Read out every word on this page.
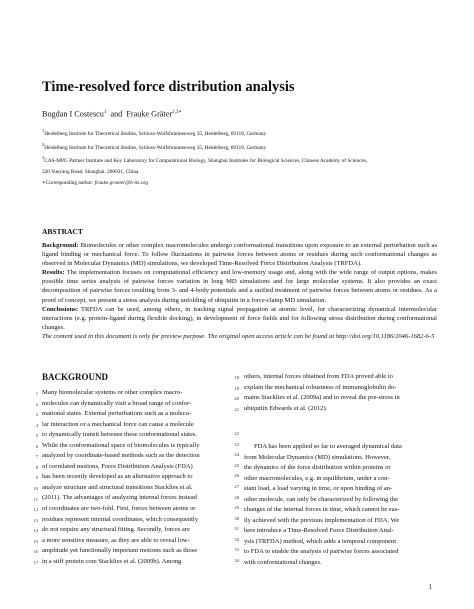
Time-resolved force distribution analysis
Bogdan I Costescu$^1$ and Frauke Gräter$^{2,3∗}$
$^1$Heidelberg Institute for Theoretical Studies, Schloss-Wolfsbrunnenweg 35, Heidelberg, 69118, Germany
$^2$Heidelberg Institute for Theoretical Studies, Schloss-Wolfsbrunnenweg 35, Heidelberg, 69118, Germany
$^3$CAS-MPG Partner Institute and Key Laboratory for Computational Biology, Shanghai Institutes for Biological Sciences, Chinese Academy of Sciences,
320 Yueyang Road, Shanghai, 200031, China
∗Corresponding author: frauke.graeter@h-its.org
ABSTRACT

Background: Biomolecules or other complex macromolecules undergo conformational transitions upon exposure to an external perturbation such as ligand binding or mechanical force. To follow fluctuations in pairwise forces between atoms or residues during such conformational changes as observed in Molecular Dynamics (MD) simulations, we developed Time-Resolved Force Distribution Analysis (TRFDA).

Results: The implementation focuses on computational efficiency and low-memory usage and, along with the wide range of output options, makes possible time series analysis of pairwise forces variation in long MD simulations and for large molecular systems. It also provides an exact decomposition of pairwise forces resulting from 3- and 4-body potentials and a unified treatment of pairwise forces between atoms or residues. As a proof of concept, we present a stress analysis during unfolding of ubiquitin in a force-clamp MD simulation.

Conclusions: TRFDA can be used, among others, in tracking signal propagation at atomic level, for characterizing dynamical intermolecular interactions (e.g. protein-ligand during flexible docking), in development of force fields and for following stress distribution during conformational changes.

The content used in this document is only for preview purpose. The original open access article can be found at http://doi.org/10.1186/2046-1682-6-5

BACKGROUND
1 Many biomolecular systems or other complex macro-
2 molecules can dynamically visit a broad range of confor-
3 mational states. External perturbations such as a molecu-
4 lar interaction or a mechanical force can cause a molecule
5 to dynamically transit between these conformational states.
6 While the conformational space of biomolecules is typically
7 analyzed by coordinate-based methods such as the detection
8 of correlated motions, Force Distribution Analysis (FDA)
9 has been recently developed as an alternative approach to
10 analyze structure and structural transitions Stacklies et al.
11 (2011). The advantages of analyzing internal forces instead
12 of coordinates are two-fold. First, forces between atoms or
13 residues represent internal coordinates, which consequently
14 do not require any structural fitting. Secondly, forces are
15 a more sensitive measure, as they are able to reveal low-
16 amplitude yet functionally important motions such as those
17 in a stiff protein core Stacklies et al. (2009b). Among
22
23
24
25
26
27
28
29
30
31
32
33
34
18 others, internal forces obtained from FDA proved able to
19 explain the mechanical robustness of immunoglobulin do-
20 mains Stacklies et al. (2009a) and to reveal the pre-stress in
21 ubiquitin Edwards et al. (2012).
FDA has been applied so far to averaged dynamical data
from Molecular Dynamics (MD) simulations. However,
the dynamics of the force distribution within proteins or
other macromolecules, e.g. in equilibrium, under a con-
stant load, a load varying in time, or upon binding of an-
other molecule, can only be characterized by following the
changes of the internal forces in time, which cannot be eas-
ily achieved with the previous implementation of FDA. We
here introduce a Time-Resolved Force Distribution Anal-
ysis (TRFDA) method, which adds a temporal component
to FDA to enable the analysis of pairwise forces associated
with conformational changes.
1
